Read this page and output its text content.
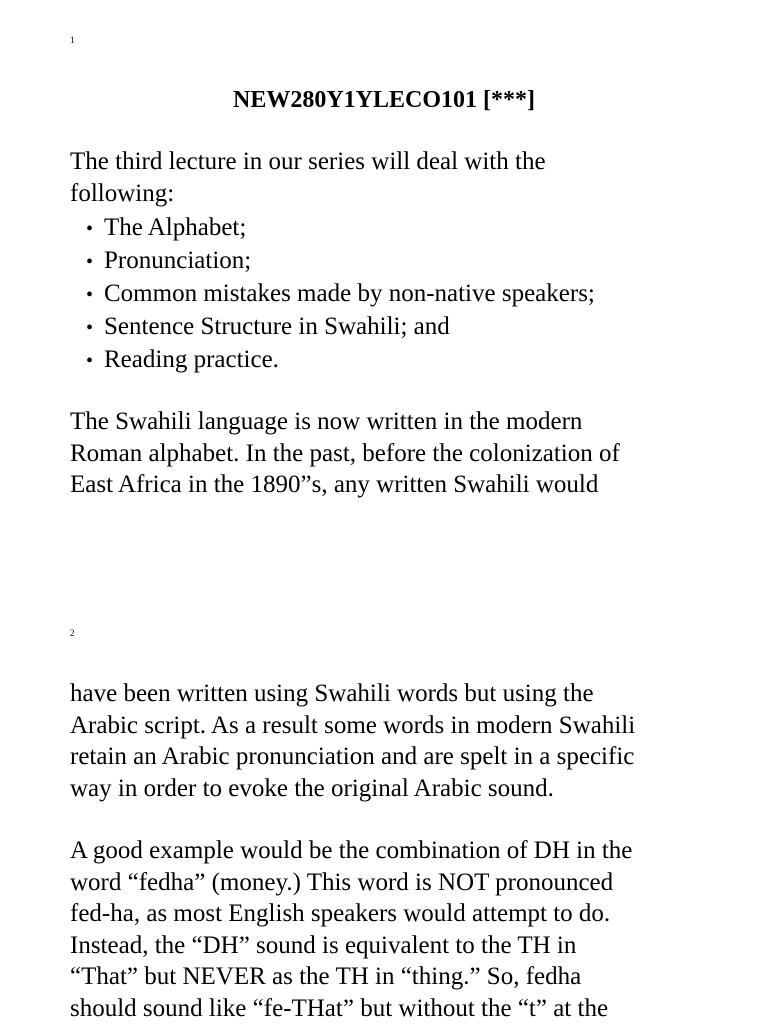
1
NEW280Y1YLECO101 [***]
The third lecture in our series will deal with the
following:
• The Alphabet;
• Pronunciation;
• Common mistakes made by non-native speakers;
• Sentence Structure in Swahili; and
• Reading practice.
The Swahili language is now written in the modern
Roman alphabet. In the past, before the colonization of
East Africa in the 1890”s, any written Swahili would
2
have been written using Swahili words but using the
Arabic script. As a result some words in modern Swahili
retain an Arabic pronunciation and are spelt in a specific
way in order to evoke the original Arabic sound.
A good example would be the combination of DH in the
word “fedha” (money.) This word is NOT pronounced
fed-ha, as most English speakers would attempt to do.
Instead, the “DH” sound is equivalent to the TH in
“That” but NEVER as the TH in “thing.” So, fedha
should sound like “fe-THat” but without the “t” at the
